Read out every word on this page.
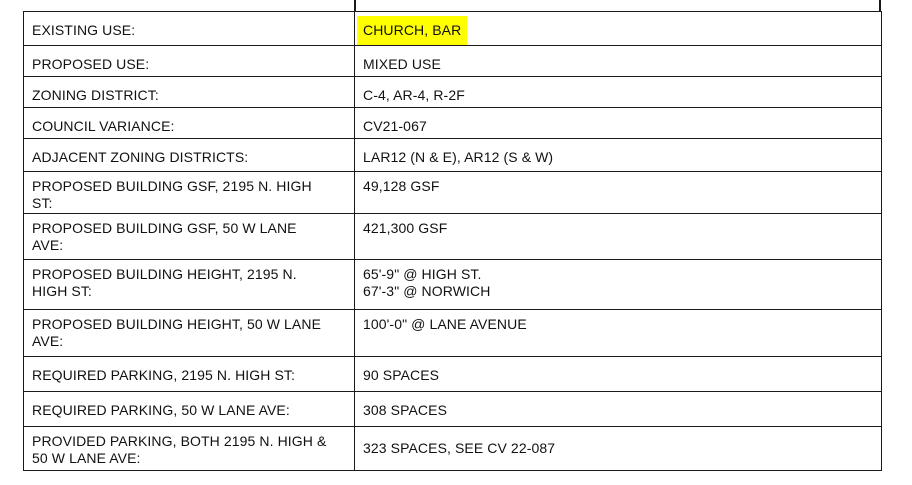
EXISTING USE:	CHURCH, BAR

PROPOSED USE:	MIXED USE

ZONING DISTRICT:	C-4, AR-4, R-2F

COUNCIL VARIANCE:	CV21-067

ADJACENT ZONING DISTRICTS:	LAR12 (N & E), AR12 (S & W)

PROPOSED BUILDING GSF, 2195 N. HIGH
ST:	49,128 GSF

PROPOSED BUILDING GSF, 50 W LANE
AVE:	421,300 GSF

PROPOSED BUILDING HEIGHT, 2195 N.
HIGH ST:	65'-9" @ HIGH ST.
67'-3" @ NORWICH

PROPOSED BUILDING HEIGHT, 50 W LANE
AVE:	100'-0" @ LANE AVENUE

REQUIRED PARKING, 2195 N. HIGH ST:	90 SPACES

REQUIRED PARKING, 50 W LANE AVE:	308 SPACES

PROVIDED PARKING, BOTH 2195 N. HIGH &
50 W LANE AVE:	323 SPACES, SEE CV 22-087
